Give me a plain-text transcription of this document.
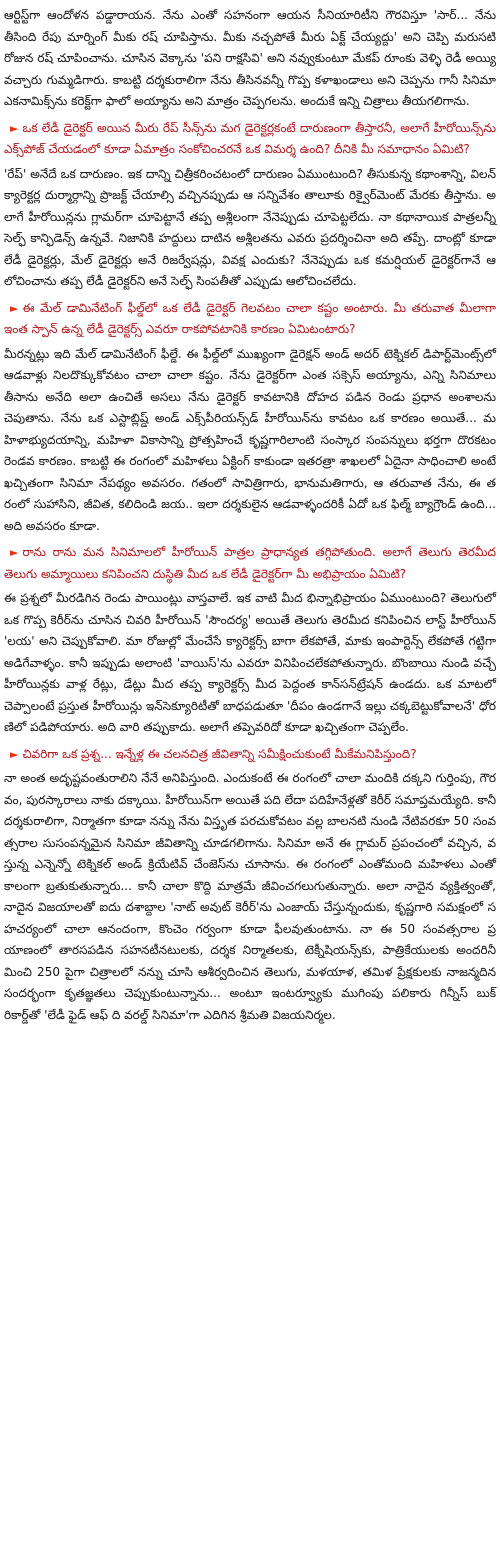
ఆర్టిస్ట్‌గా ఆందోళన పడ్డారాయన. నేను ఎంతో సహనంగా ఆయన సీనియారిటీని గౌరవిస్తూ 'సార్... నేను తీసింది రేపు మార్నింగ్ మీకు రష్ చూపిస్తాను. మీకు నచ్చపోతే మీరు ఏక్ట్ చేయ్యద్దు' అని చెప్పి మరుసటి రోజున రష్ చూపించాను. చూసిన వెక్కాను 'పని రాక్షసివి' అని నవ్వుకుంటూ మేకప్ రూంకు వెళ్ళి రెడీ అయ్యి వచ్చారు గుమ్మడిగారు. కాబట్టి దర్శకురాలిగా నేను తీసినవన్నీ గొప్ప కళాఖండాలు అని చెప్పను గానీ సినిమా ఎకనామిక్స్‌ను కరెక్ట్‌గా ఫాలో అయ్యాను అని మాత్రం చెప్పగలను. అందుకే ఇన్ని చిత్రాలు తీయగలిగాను.

► ఒక లేడీ డైరెక్టర్ అయిన మీరు రేప్ సీన్స్‌ను మగ డైరెక్టర్లకంటే దారుణంగా తీస్తారనీ, అలాగే హీరోయిన్స్‌ను ఎక్స్‌పోజ్ చేయడంలో కూడా ఏమాత్రం సంకోచించరనే ఒక విమర్శ ఉంది? దీనికి మీ సమాధానం ఏమిటి?

'రేప్' అనేదే ఒక దారుణం. ఇక దాన్ని చిత్రీకరించటంలో దారుణం ఏముంటుంది? తీసుకున్న కథాంశాన్ని, విలన్ క్యారెక్టర్ల దుర్మార్గాన్ని ప్రొజక్ట్ చేయాల్సి వచ్చినప్పుడు ఆ సన్నివేశం తాలూకు రిక్వైర్‌మెంట్ మేరకు తీస్తాను. అలాగే హీరోయిన్లను గ్లామర్‌గా చూపెట్టానే తప్ప అశ్లీలంగా నేనెప్పుడు చూపెట్టలేదు. నా కథానాయిక పాత్రలన్నీ సెల్ఫ్ కాన్ఫిడెన్స్ ఉన్నవే. నిజానికి హద్దులు దాటిన అశ్లీలతను ఎవరు ప్రదర్శించినా అది తప్పే. దాంట్లో కూడా లేడీ డైరెక్టర్లు, మేల్ డైరెక్టర్లు అనే రిజర్వేషన్లు, వివక్ష ఎందుకు? నేనెప్పుడు ఒక కమర్షియల్ డైరెక్టర్‌గానే ఆలోచించాను తప్ప లేడీ డైరెక్టర్‌ని అనే సెల్ఫ్ సింపతీతో ఎప్పుడు ఆలోచించలేదు.

► ఈ మేల్ డామినేటింగ్ ఫీల్డ్‌లో ఒక లేడీ డైరెక్టర్ గెలవటం చాలా కష్టం అంటారు. మీ తరువాత మీలాగా ఇంత స్పాన్ ఉన్న లేడీ డైరెక్టర్స్ ఎవరూ రాకపోవటానికి కారణం ఏమిటంటారు?

మీరన్నట్లు ఇది మేల్ డామినేటింగ్ ఫీల్డే. ఈ ఫీల్డ్‌లో ముఖ్యంగా డైరెక్షన్ అండ్ అదర్ టెక్నికల్ డిపార్ట్‌మెంట్స్‌లో ఆడవాళ్లు నిలదొక్కుకోవటం చాలా చాలా కష్టం. నేను డైరెక్టర్‌గా ఎంత సక్సెస్ అయ్యాను, ఎన్ని సినిమాలు తీసాను అనేది అలా ఉంచితే అసలు నేను డైరెక్టర్ కావటానికి దోహద పడిన రెండు ప్రధాన అంశాలను చెపుతాను. నేను ఒక ఎస్టాబ్లిష్డ్ అండ్ ఎక్స్‌పీరియన్స్‌డ్ హీరోయిన్‌ను కావటం ఒక కారణం అయితే... మహిళాభ్యుదయాన్ని, మహిళా వికాసాన్ని ప్రోత్సహించే కృష్ణగారిలాంటి సంస్కార సంపన్నులు భర్తగా దొరకటం రెండవ కారణం. కాబట్టి ఈ రంగంలో మహిళలు ఏక్టింగ్ కాకుండా ఇతరత్రా శాఖలలో ఏదైనా సాధించాలి అంటే ఖచ్చితంగా సినిమా నేపథ్యం అవసరం. గతంలో సావిత్రిగారు, భానుమతిగారు, ఆ తరువాత నేను, ఈ తరంలో సుహాసిని, జీవిత, కలిదిండి జయ.. ఇలా దర్శకులైన ఆడవాళ్ళందరికీ ఏదో ఒక ఫిల్మ్ బ్యాగ్రౌండ్ ఉంది... అది అవసరం కూడా.

► రాను రాను మన సినిమాలలో హీరోయిన్ పాత్రల ప్రాధాన్యత తగ్గిపోతుంది. అలాగే తెలుగు తెరమీద తెలుగు అమ్మాయిలు కనిపించని దుస్థితి మీద ఒక లేడీ డైరెక్టర్‌గా మీ అభిప్రాయం ఏమిటి?

ఈ ప్రశ్నలో మీరడిగిన రెండు పాయింట్లు వాస్తవాలే. ఇక వాటి మీద భిన్నాభిప్రాయం ఏముంటుంది? తెలుగులో ఒక గొప్ప కెరీర్‌ను చూసిన చివరి హీరోయిన్ 'సౌందర్య' అయితే తెలుగు తెరమీద కనిపించిన లాస్ట్ హీరోయిన్ 'లయ' అని చెప్పుకోవాలి. మా రోజుల్లో మేంచేసే క్యారెక్టర్స్ బాగా లేకపోతే, మాకు ఇంపార్టెన్స్ లేకపోతే గట్టిగా అడిగేవాళ్ళం. కానీ ఇప్పుడు అలాంటి 'వాయిస్'ను ఎవరూ వినిపించలేకపోతున్నారు. బొంబాయి నుండి వచ్చే హీరోయిన్లకు వాళ్ల రేట్లు, డేట్లు మీద తప్ప క్యారెక్టర్స్ మీద పెద్దంత కాన్‌సన్‌ట్రేషన్ ఉండదు. ఒక మాటలో చెప్పాలంటే ప్రస్తుత హీరోయిన్లు ఇన్‌సెక్యూరిటీతో బాధపడుతూ 'దీపం ఉండగానే ఇల్లు చక్కబెట్టుకోవాలనే' ధోరణిలో పడిపోయారు. అది వారి తప్పుకాదు. అలాగే తప్పెవరిదో కూడా ఖచ్చితంగా చెప్పలేం.

► చివరిగా ఒక ప్రశ్న... ఇన్నేళ్ల ఈ చలనచిత్ర జీవితాన్ని సమీక్షించుకుంటే మీకేమనిపిస్తుంది?

నా అంత అదృష్టవంతురాలిని నేనే అనిపిస్తుంది. ఎందుకంటే ఈ రంగంలో చాలా మందికి దక్కని గుర్తింపు, గౌరవం, పురస్కారాలు నాకు దక్కాయి. హీరోయిన్‌గా అయితే పది లేదా పదిహేనేళ్లతో కెరీర్ సమాప్తమయ్యేది. కానీ దర్శకురాలిగా, నిర్మాతగా కూడా నన్ను నేను విస్తృత పరచుకోవటం వల్ల బాలనటి నుండి నేటివరకూ 50 సంవత్సరాల సుసంపన్నమైన సినిమా జీవితాన్ని చూడగలిగాను. సినిమా అనే ఈ గ్లామర్ ప్రపంచంలో వచ్చిన, వస్తున్న ఎన్నెన్నో టెక్నికల్ అండ్ క్రియేటివ్ చేంజెస్‌ను చూసాను. ఈ రంగంలో ఎంతోమంది మహిళలు ఎంతో కాలంగా బ్రతుకుతున్నారు... కానీ చాలా కొద్ది మాత్రమే జీవించగలుగుతున్నారు. అలా నాదైన వ్యక్తిత్వంతో, నాదైన విజయాలతో ఐదు దశాబ్దాల 'నాట్ అవుట్ కెరీర్'ను ఎంజాయ్ చేస్తున్నందుకు, కృష్ణగారి సమక్షంలో సహచర్యంలో చాలా ఆనందంగా, కొంచెం గర్వంగా కూడా ఫీలవుతుంటాను. నా ఈ 50 సంవత్సరాల ప్రయాణంలో తారసపడిన సహనటీనటులకు, దర్శక నిర్మాతలకు, టెక్నీషియన్స్‌కు, పాత్రికేయులకు అందరినీ మించి 250 పైగా చిత్రాలలో నన్ను చూసి ఆశీర్వదించిన తెలుగు, మళయాళ, తమిళ ప్రేక్షకులకు నాజన్మదిన సందర్భంగా కృతజ్ఞతలు చెప్పుకుంటున్నాను... అంటూ ఇంటర్వ్యూకు ముగింపు పలికారు గిన్నీస్ బుక్ రికార్డ్‌తో 'లేడీ ఫైడ్ ఆఫ్ ది వరల్డ్ సినిమా'గా ఎదిగిన శ్రీమతి విజయనిర్మల.
